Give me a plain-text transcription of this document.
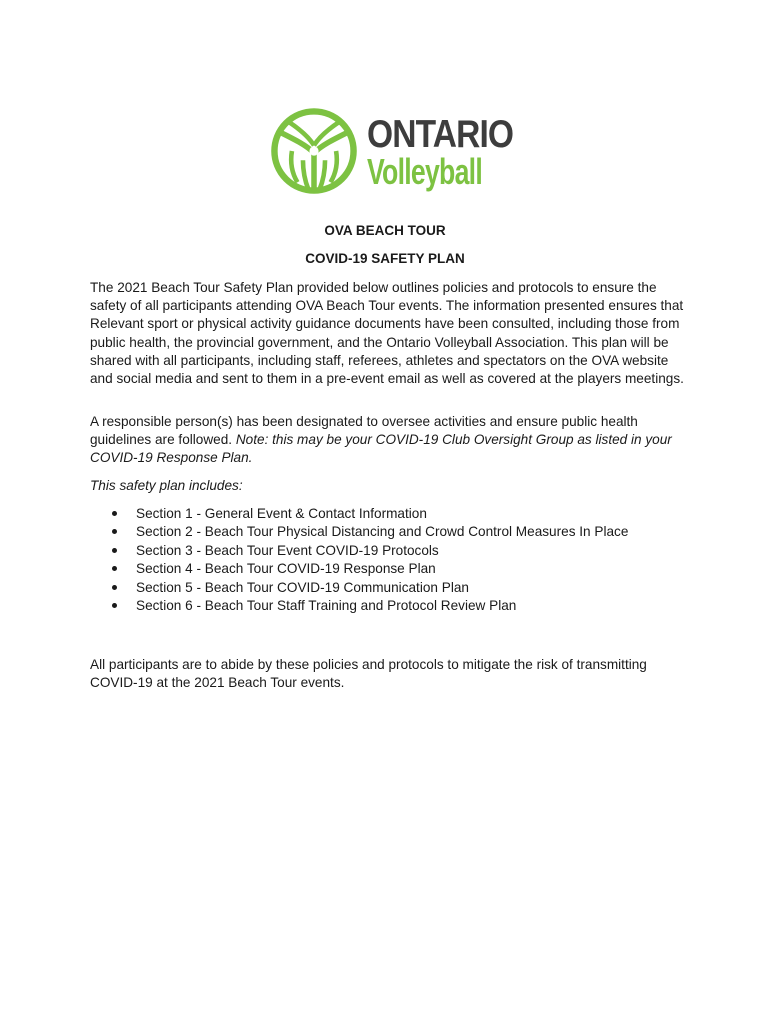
ONTARIO
Volleyball
OVA BEACH TOUR
COVID-19 SAFETY PLAN

The 2021 Beach Tour Safety Plan provided below outlines policies and protocols to ensure the safety of all participants attending OVA Beach Tour events. The information presented ensures that Relevant sport or physical activity guidance documents have been consulted, including those from public health, the provincial government, and the Ontario Volleyball Association. This plan will be shared with all participants, including staff, referees, athletes and spectators on the OVA website and social media and sent to them in a pre-event email as well as covered at the players meetings.

A responsible person(s) has been designated to oversee activities and ensure public health guidelines are followed. Note: this may be your COVID-19 Club Oversight Group as listed in your COVID-19 Response Plan.

This safety plan includes:

Section 1 - General Event & Contact Information
Section 2 - Beach Tour Physical Distancing and Crowd Control Measures In Place
Section 3 - Beach Tour Event COVID-19 Protocols
Section 4 - Beach Tour COVID-19 Response Plan
Section 5 - Beach Tour COVID-19 Communication Plan
Section 6 - Beach Tour Staff Training and Protocol Review Plan

All participants are to abide by these policies and protocols to mitigate the risk of transmitting COVID-19 at the 2021 Beach Tour events.
